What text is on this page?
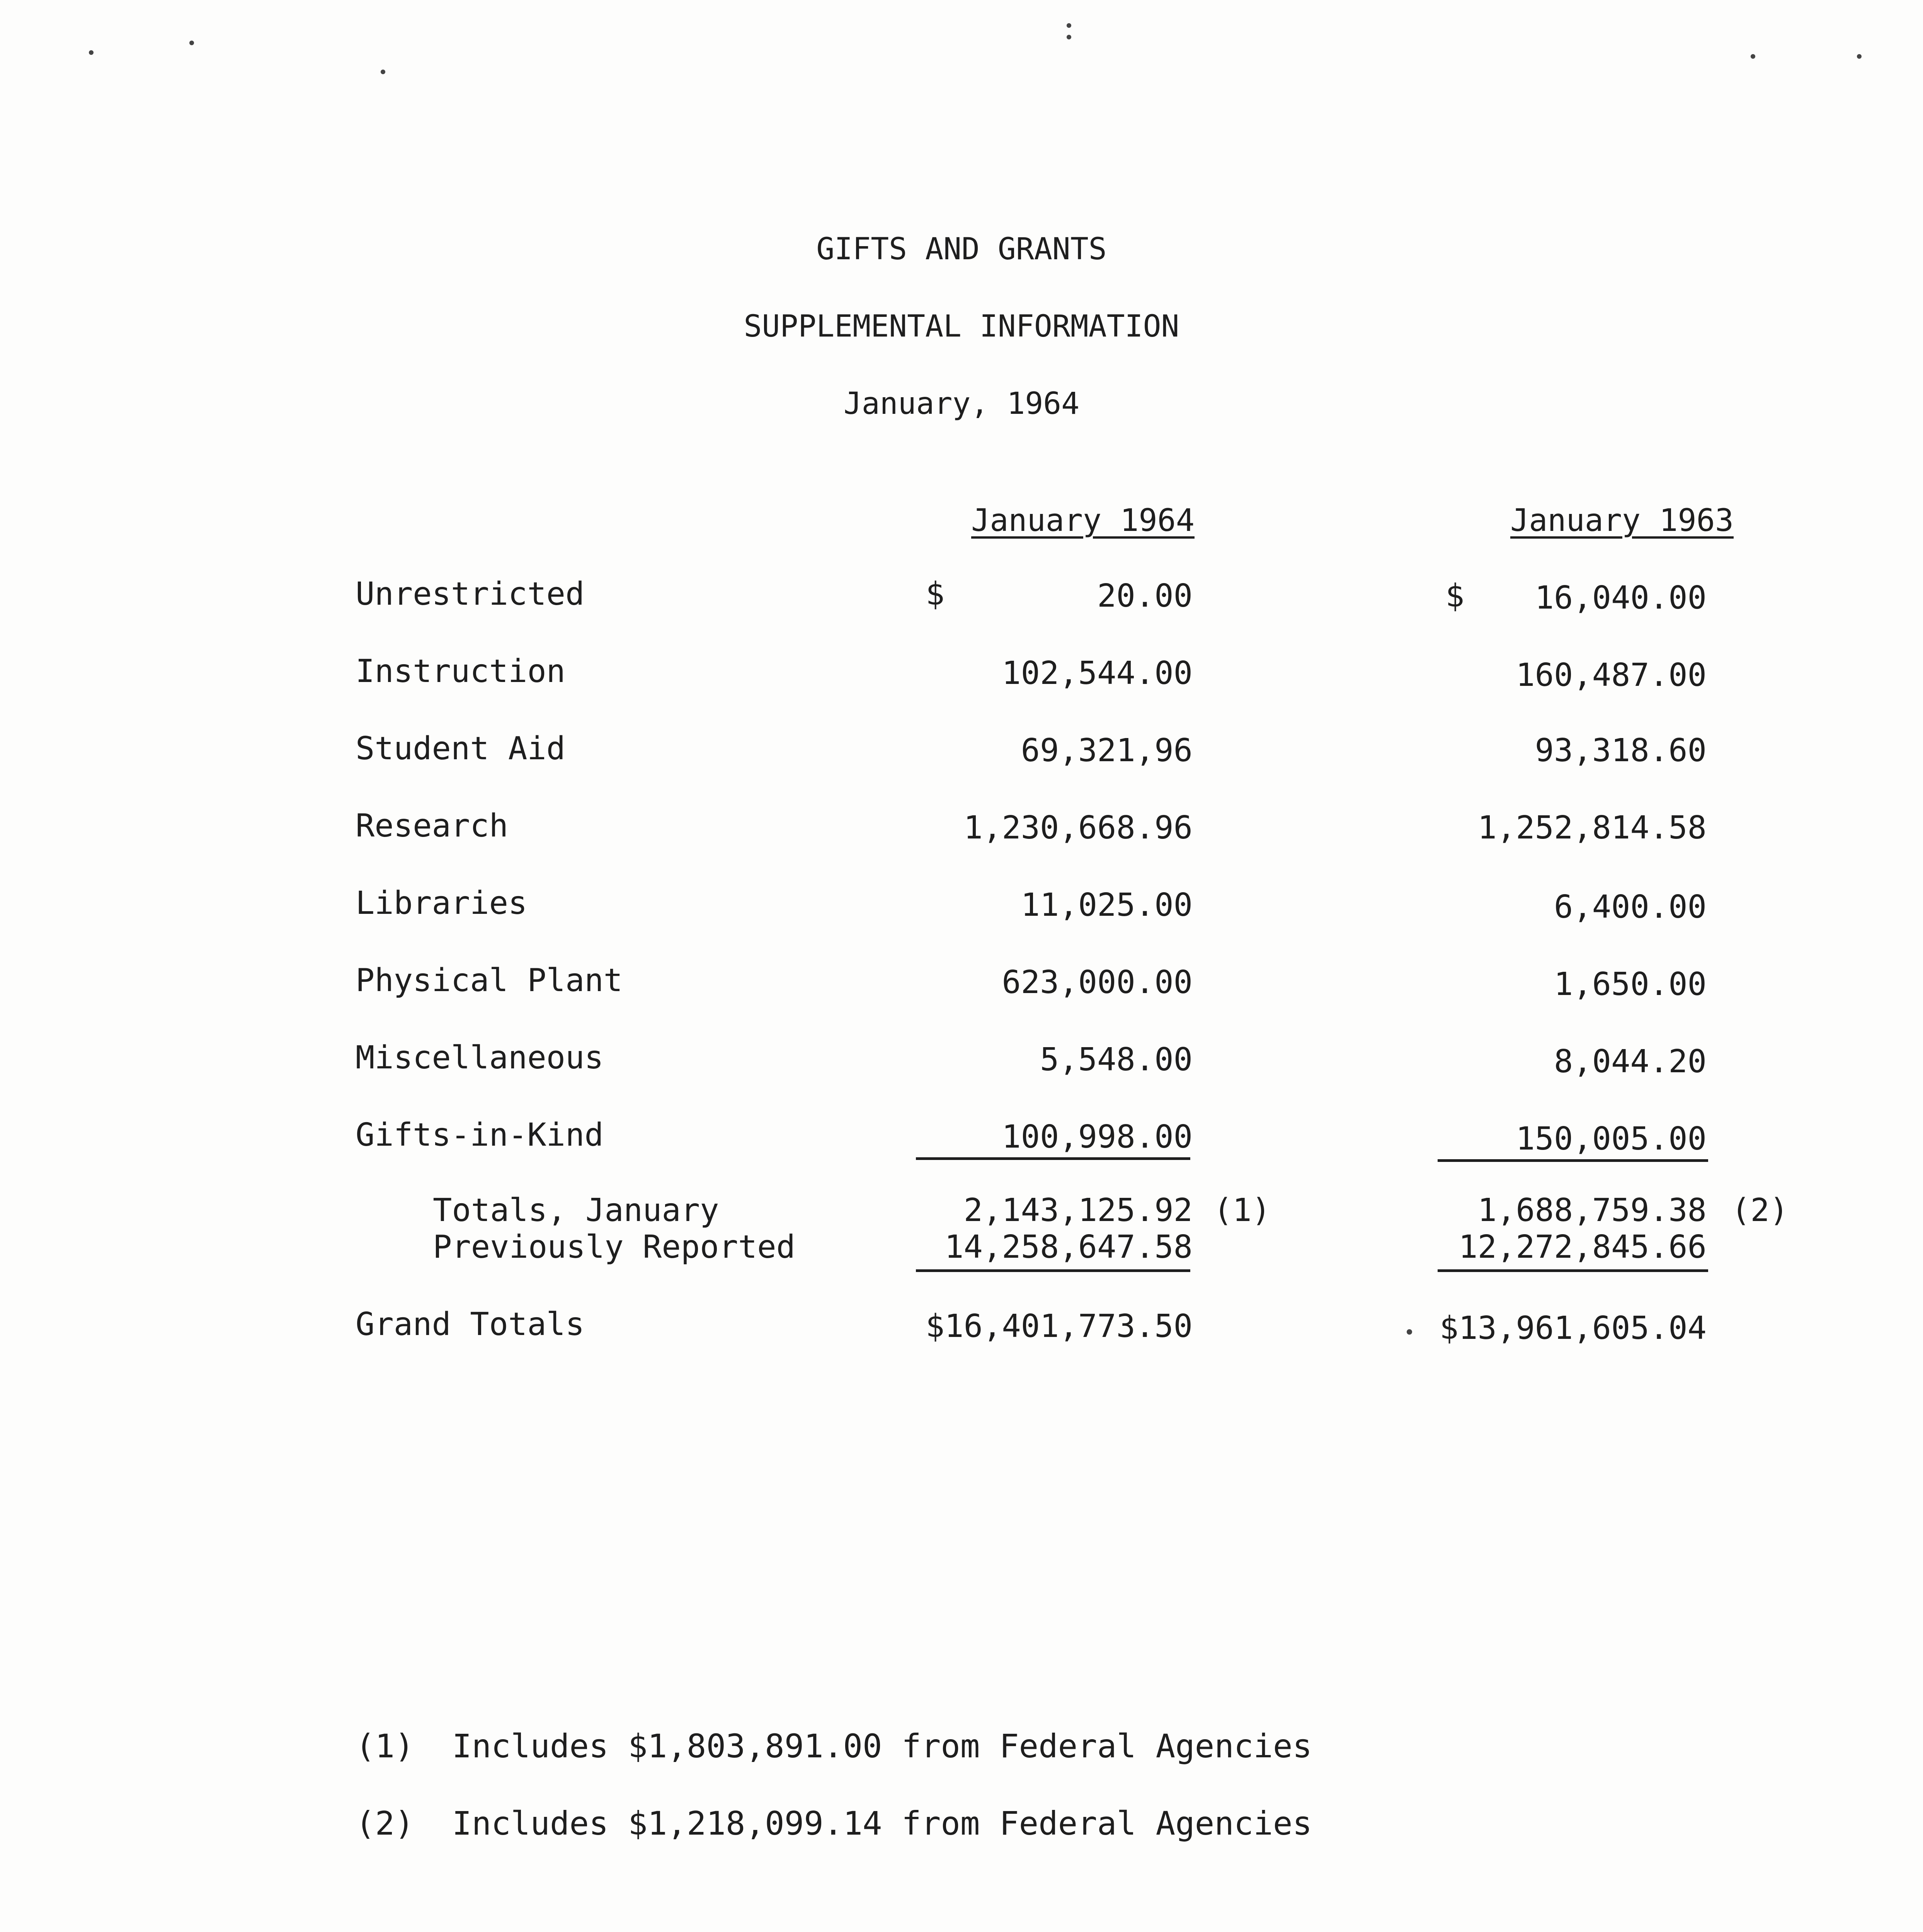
GIFTS AND GRANTS
SUPPLEMENTAL INFORMATION
January, 1964
January 1964	January 1963
$	$
Unrestricted	20.00	16,040.00
Instruction	102,544.00	160,487.00
Student Aid	69,321,96	93,318.60
Research	1,230,668.96	1,252,814.58
Libraries	11,025.00	6,400.00
Physical Plant	623,000.00	1,650.00
Miscellaneous	5,548.00	8,044.20
Gifts-in-Kind	100,998.00	150,005.00
Totals, January	2,143,125.92 (1)	1,688,759.38 (2)
Previously Reported	14,258,647.58	12,272,845.66
Grand Totals	$16,401,773.50	$13,961,605.04
(1) Includes $1,803,891.00 from Federal Agencies
(2) Includes $1,218,099.14 from Federal Agencies
